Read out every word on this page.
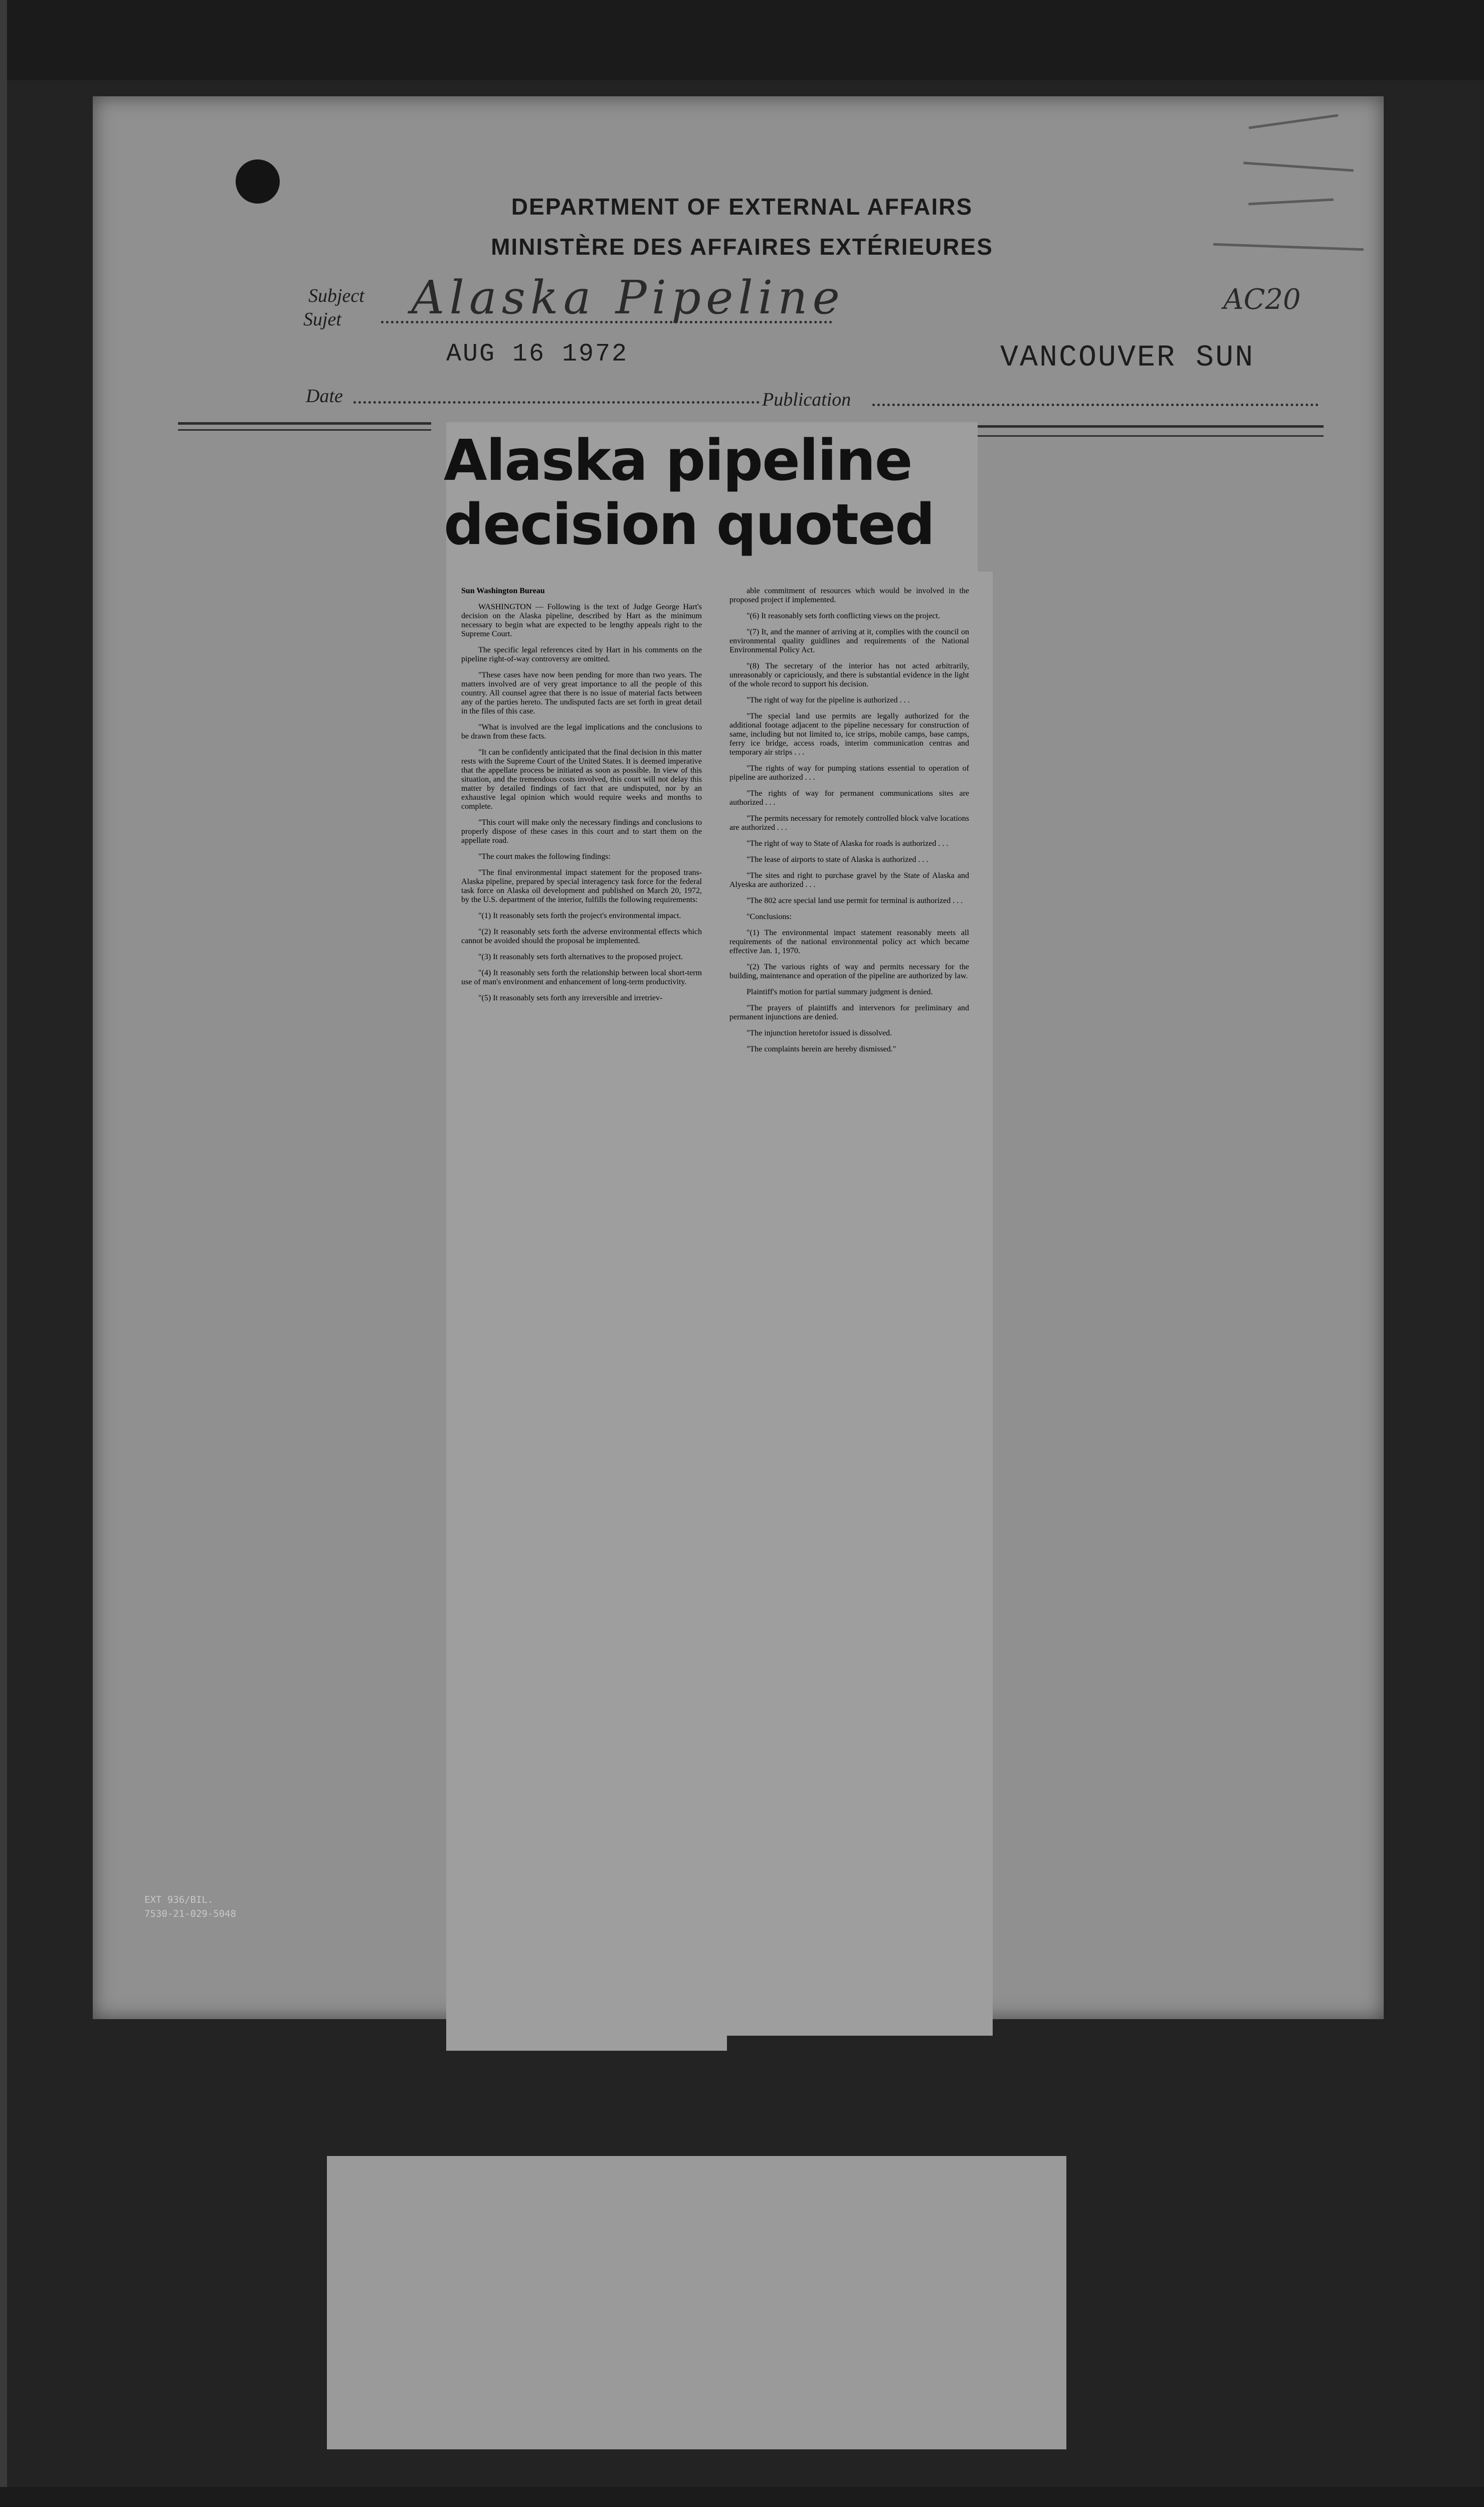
DEPARTMENT OF EXTERNAL AFFAIRS
MINISTÈRE DES AFFAIRES EXTÉRIEURES
Subject
Sujet Alaska Pipeline	AC20
AUG 16 1972	VANCOUVER SUN
Date	Publication
EXT 936/BIL.
7530-21-029-5048
Alaska pipeline
decision quoted

Sun Washington Bureau

WASHINGTON — Following is the text of Judge George Hart's decision on the Alaska pipeline, described by Hart as the minimum necessary to begin what are expected to be lengthy appeals right to the Supreme Court.

The specific legal references cited by Hart in his comments on the pipeline right-of-way controversy are omitted.

"These cases have now been pending for more than two years. The matters involved are of very great importance to all the people of this country. All counsel agree that there is no issue of material facts between any of the parties hereto. The undisputed facts are set forth in great detail in the files of this case.

"What is involved are the legal implications and the conclusions to be drawn from these facts.

"It can be confidently anticipated that the final decision in this matter rests with the Supreme Court of the United States. It is deemed imperative that the appellate process be initiated as soon as possible. In view of this situation, and the tremendous costs involved, this court will not delay this matter by detailed findings of fact that are undisputed, nor by an exhaustive legal opinion which would require weeks and months to complete.

"This court will make only the necessary findings and conclusions to properly dispose of these cases in this court and to start them on the appellate road.

"The court makes the following findings:

"The final environmental impact statement for the proposed trans-Alaska pipeline, prepared by special interagency task force for the federal task force on Alaska oil development and published on March 20, 1972, by the U.S. department of the interior, fulfills the following requirements:

"(1) It reasonably sets forth the project's environmental impact.

"(2) It reasonably sets forth the adverse environmental effects which cannot be avoided should the proposal be implemented.

"(3) It reasonably sets forth alternatives to the proposed project.

"(4) It reasonably sets forth the relationship between local short-term use of man's environment and enhancement of long-term productivity.

"(5) It reasonably sets forth any irreversible and irretriev-

able commitment of resources which would be involved in the proposed project if implemented.

"(6) It reasonably sets forth conflicting views on the project.

"(7) It, and the manner of arriving at it, complies with the council on environmental quality guidlines and requirements of the National Environmental Policy Act.

"(8) The secretary of the interior has not acted arbitrarily, unreasonably or capriciously, and there is substantial evidence in the light of the whole record to support his decision.

"The right of way for the pipeline is authorized . . .

"The special land use permits are legally authorized for the additional footage adjacent to the pipeline necessary for construction of same, including but not limited to, ice strips, mobile camps, base camps, ferry ice bridge, access roads, interim communication centras and temporary air strips . . .

"The rights of way for pumping stations essential to operation of pipeline are authorized . . .

"The rights of way for permanent communications sites are authorized . . .

"The permits necessary for remotely controlled block valve locations are authorized . . .

"The right of way to State of Alaska for roads is authorized . . .

"The lease of airports to state of Alaska is authorized . . .

"The sites and right to purchase gravel by the State of Alaska and Alyeska are authorized . . .

"The 802 acre special land use permit for terminal is authorized . . .

"Conclusions:

"(1) The environmental impact statement reasonably meets all requirements of the national environmental policy act which became effective Jan. 1, 1970.

"(2) The various rights of way and permits necessary for the building, maintenance and operation of the pipeline are authorized by law.

Plaintiff's motion for partial summary judgment is denied.

"The prayers of plaintiffs and intervenors for preliminary and permanent injunctions are denied.

"The injunction heretofor issued is dissolved.

"The complaints herein are hereby dismissed."
